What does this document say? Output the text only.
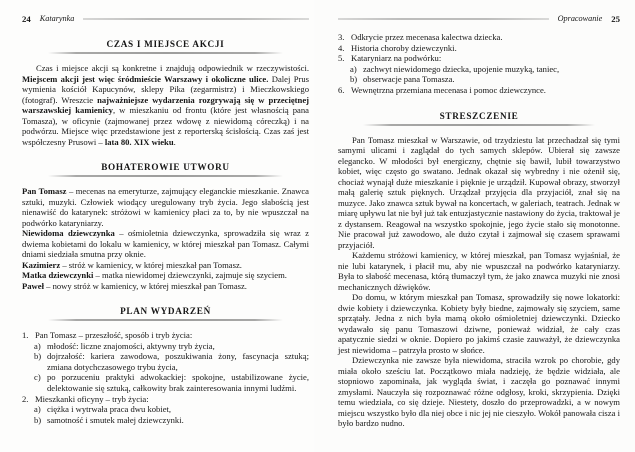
24 Katarynka
CZAS I MIEJSCE AKCJI

Czas i miejsce akcji są konkretne i znajdują odpowiednik w rzeczywistości. Miejscem akcji jest więc śródmieście Warszawy i okoliczne ulice. Dalej Prus wymienia kościół Kapucynów, sklepy Pika (zegarmistrz) i Mieczkowskiego (fotograf). Wreszcie najważniejsze wydarzenia rozgrywają się w przeciętnej warszawskiej kamienicy, w mieszkaniu od frontu (które jest własnością pana Tomasza), w oficynie (zajmowanej przez wdowę z niewidomą córeczką) i na podwórzu. Miejsce więc przedstawione jest z reporterską ścisłością. Czas zaś jest współczesny Prusowi – lata 80. XIX wieku.

BOHATEROWIE UTWORU

Pan Tomasz – mecenas na emeryturze, zajmujący eleganckie mieszkanie. Znawca sztuki, muzyki. Człowiek wiodący uregulowany tryb życia. Jego słabością jest nienawiść do katarynek: stróżowi w kamienicy płaci za to, by nie wpuszczał na podwórko kataryniarzy.

Niewidoma dziewczynka – ośmioletnia dziewczynka, sprowadziła się wraz z dwiema kobietami do lokalu w kamienicy, w której mieszkał pan Tomasz. Całymi dniami siedziała smutna przy oknie.

Kazimierz – stróż w kamienicy, w której mieszkał pan Tomasz.

Matka dziewczynki – matka niewidomej dziewczynki, zajmuje się szyciem.

Paweł – nowy stróż w kamienicy, w której mieszkał pan Tomasz.

PLAN WYDARZEŃ
1. Pan Tomasz – przeszłość, sposób i tryb życia:
a) młodość: liczne znajomości, aktywny tryb życia,
b) dojrzałość: kariera zawodowa, poszukiwania żony, fascynacja sztuką; zmiana dotychczasowego trybu życia,
c) po porzuceniu praktyki adwokackiej: spokojne, ustabilizowane życie, delektowanie się sztuką, całkowity brak zainteresowania innymi ludźmi.
2. Mieszkanki oficyny – tryb życia:
a) ciężka i wytrwała praca dwu kobiet,
b) samotność i smutek małej dziewczynki.
Opracowanie 25
3. Odkrycie przez mecenasa kalectwa dziecka.
4. Historia choroby dziewczynki.
5. Kataryniarz na podwórku:
a) zachwyt niewidomego dziecka, upojenie muzyką, taniec,
b) obserwacje pana Tomasza.
6. Wewnętrzna przemiana mecenasa i pomoc dziewczynce.
STRESZCZENIE

Pan Tomasz mieszkał w Warszawie, od trzydziestu lat przechadzał się tymi samymi ulicami i zaglądał do tych samych sklepów. Ubierał się zawsze elegancko. W młodości był energiczny, chętnie się bawił, lubił towarzystwo kobiet, więc często go swatano. Jednak okazał się wybredny i nie ożenił się, chociaż wynajął duże mieszkanie i pięknie je urządził. Kupował obrazy, stworzył małą galerię sztuk pięknych. Urządzał przyjęcia dla przyjaciół, znał się na muzyce. Jako znawca sztuk bywał na koncertach, w galeriach, teatrach. Jednak w miarę upływu lat nie był już tak entuzjastycznie nastawiony do życia, traktował je z dystansem. Reagował na wszystko spokojnie, jego życie stało się monotonne. Nie pracował już zawodowo, ale dużo czytał i zajmował się czasem sprawami przyjaciół.

Każdemu stróżowi kamienicy, w której mieszkał, pan Tomasz wyjaśniał, że nie lubi katarynek, i płacił mu, aby nie wpuszczał na podwórko kataryniarzy. Była to słabość mecenasa, którą tłumaczył tym, że jako znawca muzyki nie znosi mechanicznych dźwięków.

Do domu, w którym mieszkał pan Tomasz, sprowadziły się nowe lokatorki: dwie kobiety i dziewczynka. Kobiety były biedne, zajmowały się szyciem, same sprzątały. Jedna z nich była mamą około ośmioletniej dziewczynki. Dziecko wydawało się panu Tomaszowi dziwne, ponieważ widział, że cały czas apatycznie siedzi w oknie. Dopiero po jakimś czasie zauważył, że dziewczynka jest niewidoma – patrzyła prosto w słońce.

Dziewczynka nie zawsze była niewidoma, straciła wzrok po chorobie, gdy miała około sześciu lat. Początkowo miała nadzieję, że będzie widziała, ale stopniowo zapominała, jak wygląda świat, i zaczęła go poznawać innymi zmysłami. Nauczyła się rozpoznawać różne odgłosy, kroki, skrzypienia. Dzięki temu wiedziała, co się dzieje. Niestety, doszło do przeprowadzki, a w nowym miejscu wszystko było dla niej obce i nic jej nie cieszyło. Wokół panowała cisza i było bardzo nudno.
